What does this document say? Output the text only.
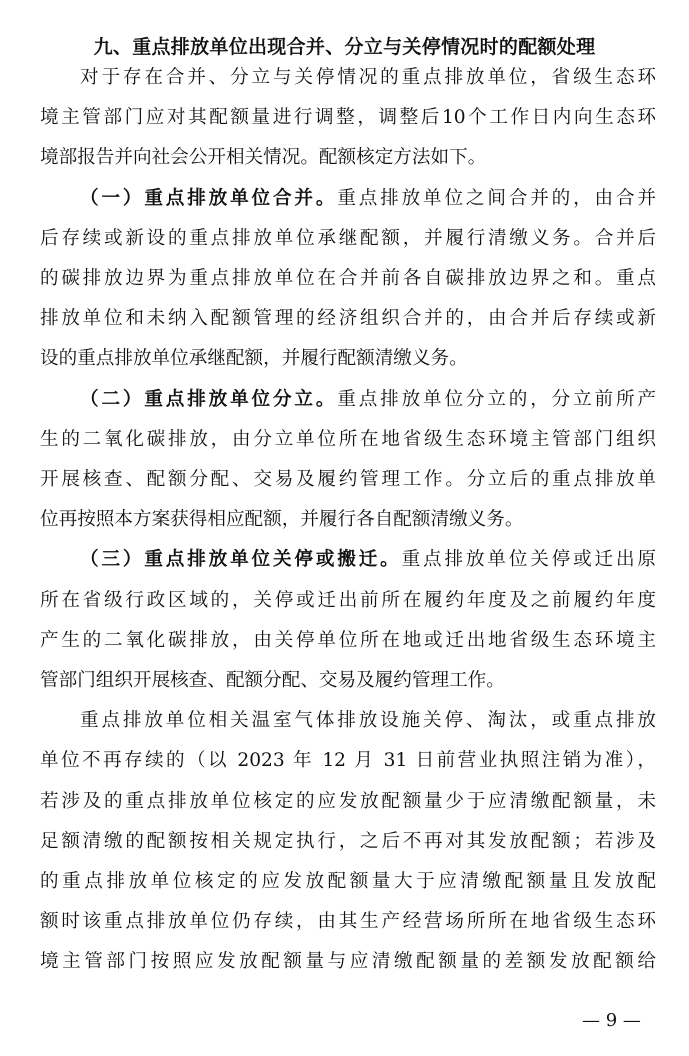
九、重点排放单位出现合并、分立与关停情况时的配额处理
对于存在合并、分立与关停情况的重点排放单位，省级生态环
境主管部门应对其配额量进行调整，调整后10个工作日内向生态环
境部报告并向社会公开相关情况。配额核定方法如下。
（一）重点排放单位合并。重点排放单位之间合并的，由合并
后存续或新设的重点排放单位承继配额，并履行清缴义务。合并后
的碳排放边界为重点排放单位在合并前各自碳排放边界之和。重点
排放单位和未纳入配额管理的经济组织合并的，由合并后存续或新
设的重点排放单位承继配额，并履行配额清缴义务。
（二）重点排放单位分立。重点排放单位分立的，分立前所产
生的二氧化碳排放，由分立单位所在地省级生态环境主管部门组织
开展核查、配额分配、交易及履约管理工作。分立后的重点排放单
位再按照本方案获得相应配额，并履行各自配额清缴义务。
（三）重点排放单位关停或搬迁。重点排放单位关停或迁出原
所在省级行政区域的，关停或迁出前所在履约年度及之前履约年度
产生的二氧化碳排放，由关停单位所在地或迁出地省级生态环境主
管部门组织开展核查、配额分配、交易及履约管理工作。
重点排放单位相关温室气体排放设施关停、淘汰，或重点排放
单位不再存续的（以 2023 年 12 月 31 日前营业执照注销为准），
若涉及的重点排放单位核定的应发放配额量少于应清缴配额量，未
足额清缴的配额按相关规定执行，之后不再对其发放配额；若涉及
的重点排放单位核定的应发放配额量大于应清缴配额量且发放配
额时该重点排放单位仍存续，由其生产经营场所所在地省级生态环
境主管部门按照应发放配额量与应清缴配额量的差额发放配额给
— 9 —
